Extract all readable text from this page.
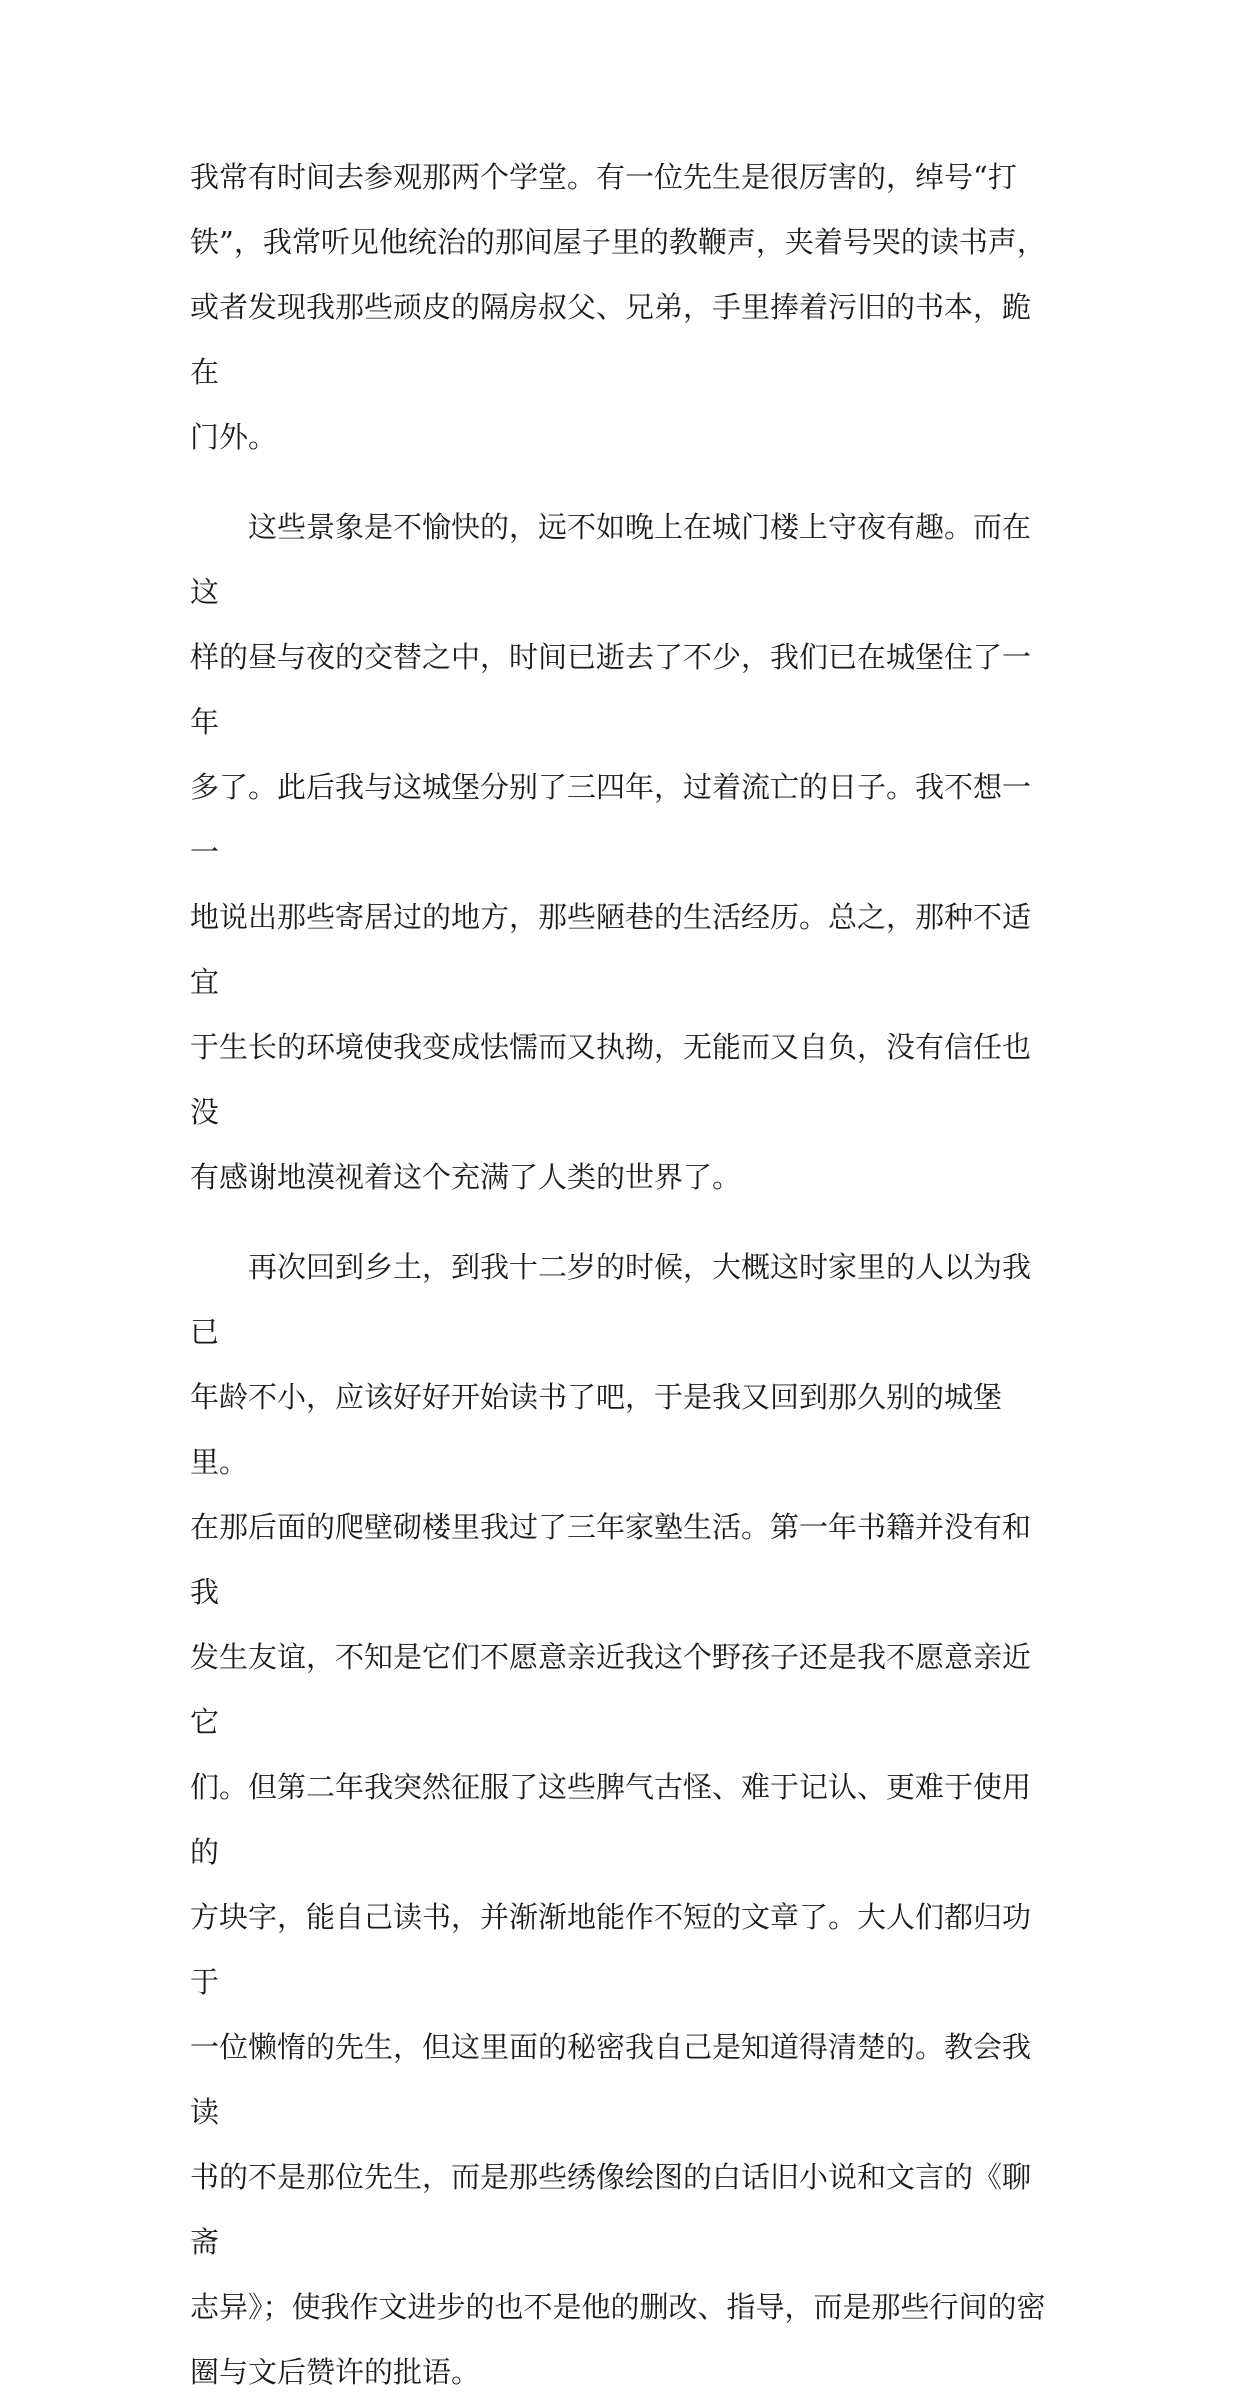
我常有时间去参观那两个学堂。有一位先生是很厉害的，绰号“打
铁”，我常听见他统治的那间屋子里的教鞭声，夹着号哭的读书声，
或者发现我那些顽皮的隔房叔父、兄弟，手里捧着污旧的书本，跪在
门外。

这些景象是不愉快的，远不如晚上在城门楼上守夜有趣。而在这
样的昼与夜的交替之中，时间已逝去了不少，我们已在城堡住了一年
多了。此后我与这城堡分别了三四年，过着流亡的日子。我不想一一
地说出那些寄居过的地方，那些陋巷的生活经历。总之，那种不适宜
于生长的环境使我变成怯懦而又执拗，无能而又自负，没有信任也没
有感谢地漠视着这个充满了人类的世界了。

再次回到乡土，到我十二岁的时候，大概这时家里的人以为我已
年龄不小，应该好好开始读书了吧，于是我又回到那久别的城堡里。
在那后面的爬壁砌楼里我过了三年家塾生活。第一年书籍并没有和我
发生友谊，不知是它们不愿意亲近我这个野孩子还是我不愿意亲近它
们。但第二年我突然征服了这些脾气古怪、难于记认、更难于使用的
方块字，能自己读书，并渐渐地能作不短的文章了。大人们都归功于
一位懒惰的先生，但这里面的秘密我自己是知道得清楚的。教会我读
书的不是那位先生，而是那些绣像绘图的白话旧小说和文言的《聊斋
志异》；使我作文进步的也不是他的删改、指导，而是那些行间的密
圈与文后赞许的批语。
